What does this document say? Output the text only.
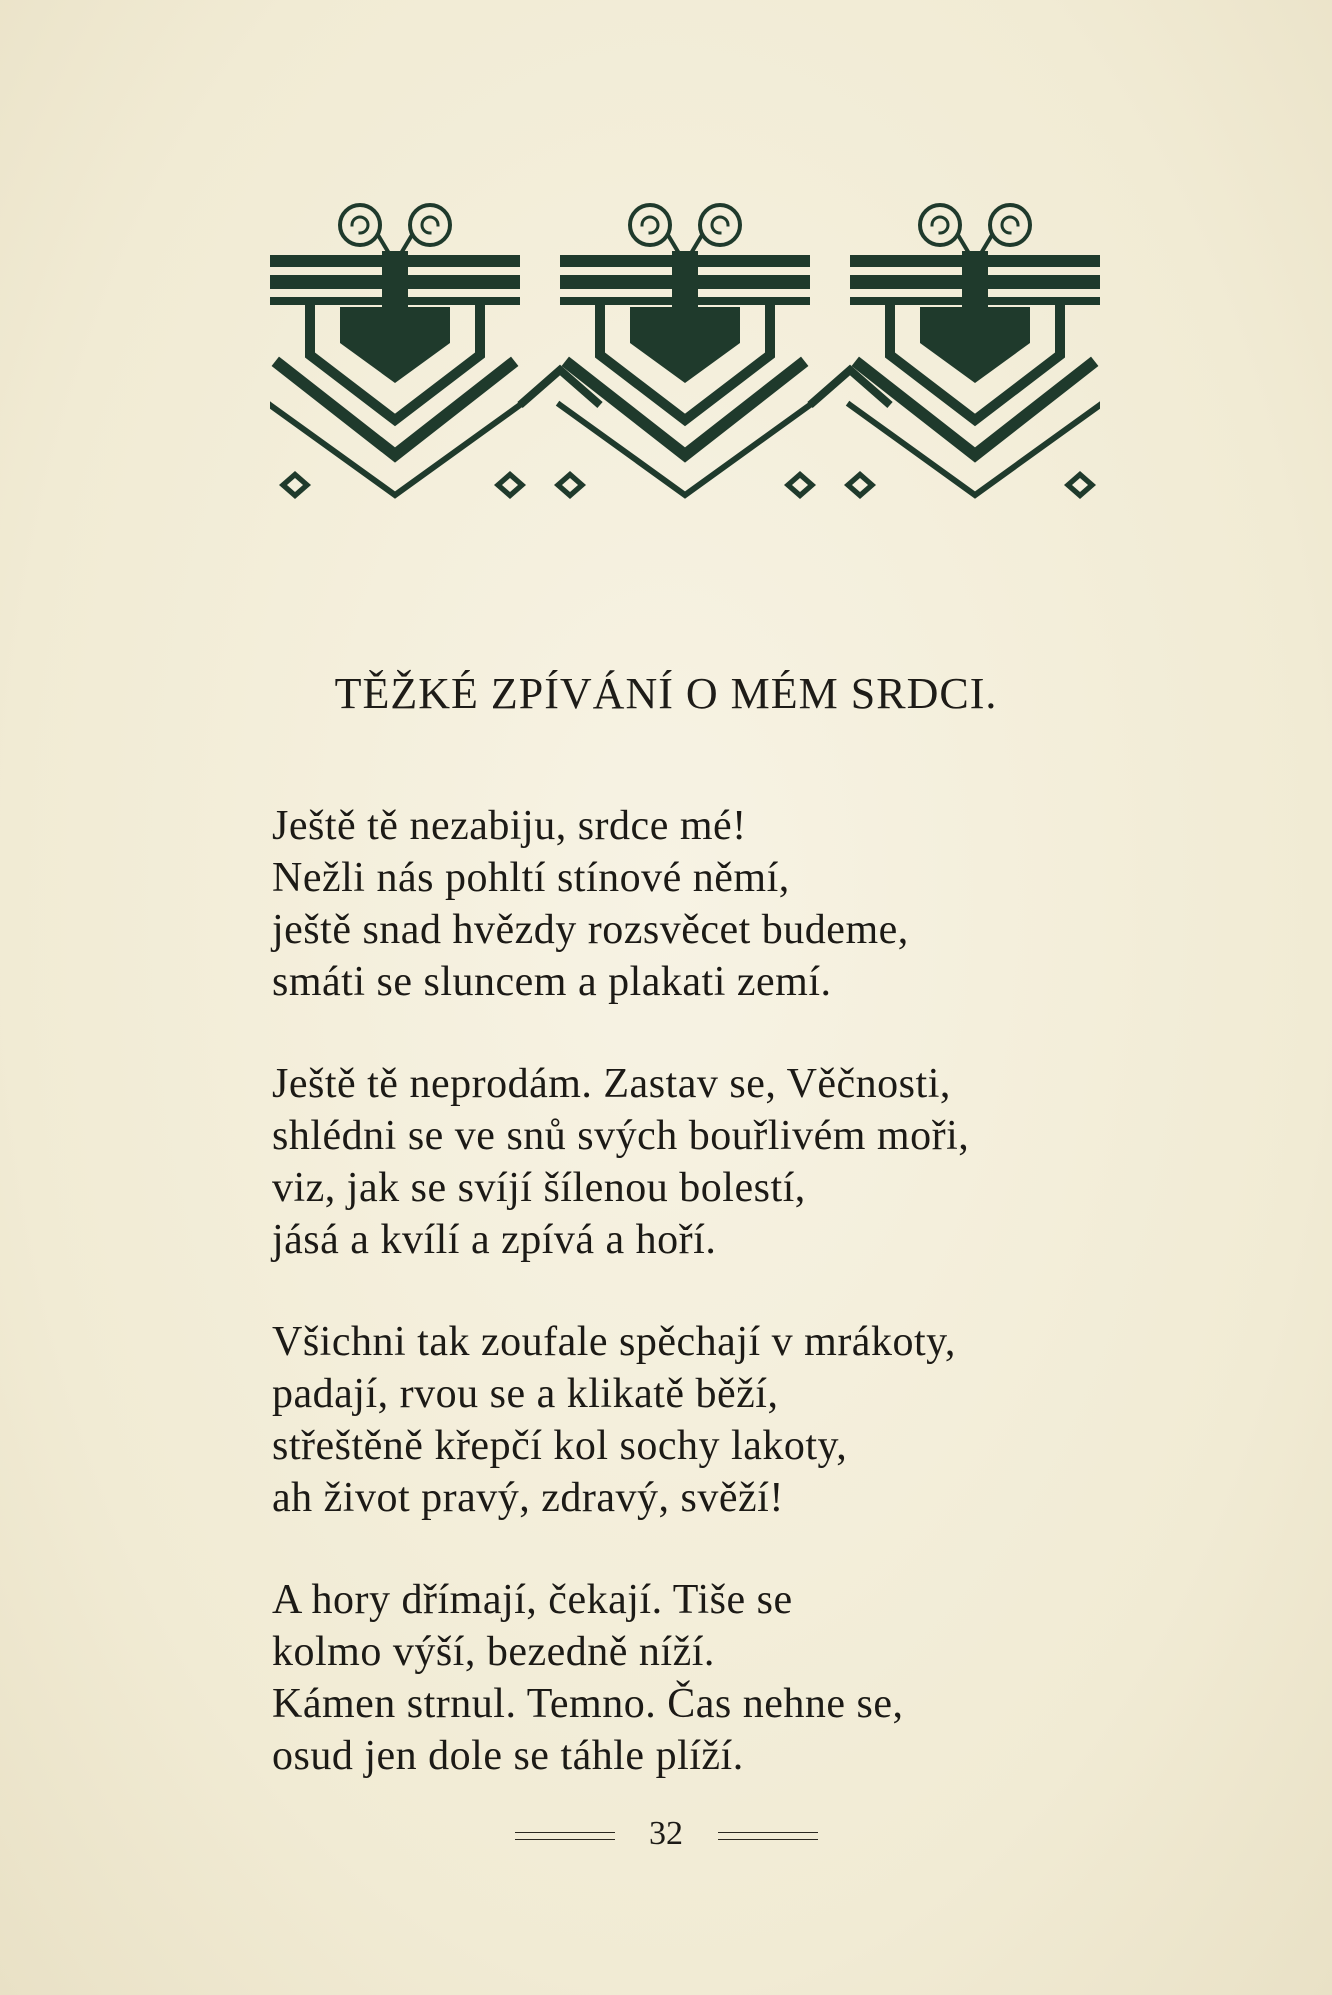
TĚŽKÉ ZPÍVÁNÍ O MÉM SRDCI.
Ještě tě nezabiju, srdce mé!
Nežli nás pohltí stínové němí,
ještě snad hvězdy rozsvěcet budeme,
smáti se sluncem a plakati zemí.
Ještě tě neprodám. Zastav se, Věčnosti,
shlédni se ve snů svých bouřlivém moři,
viz, jak se svíjí šílenou bolestí,
jásá a kvílí a zpívá a hoří.
Všichni tak zoufale spěchají v mrákoty,
padají, rvou se a klikatě běží,
střeštěně křepčí kol sochy lakoty,
ah život pravý, zdravý, svěží!
A hory dřímají, čekají. Tiše se
kolmo výší, bezedně níží.
Kámen strnul. Temno. Čas nehne se,
osud jen dole se táhle plíží.
32
